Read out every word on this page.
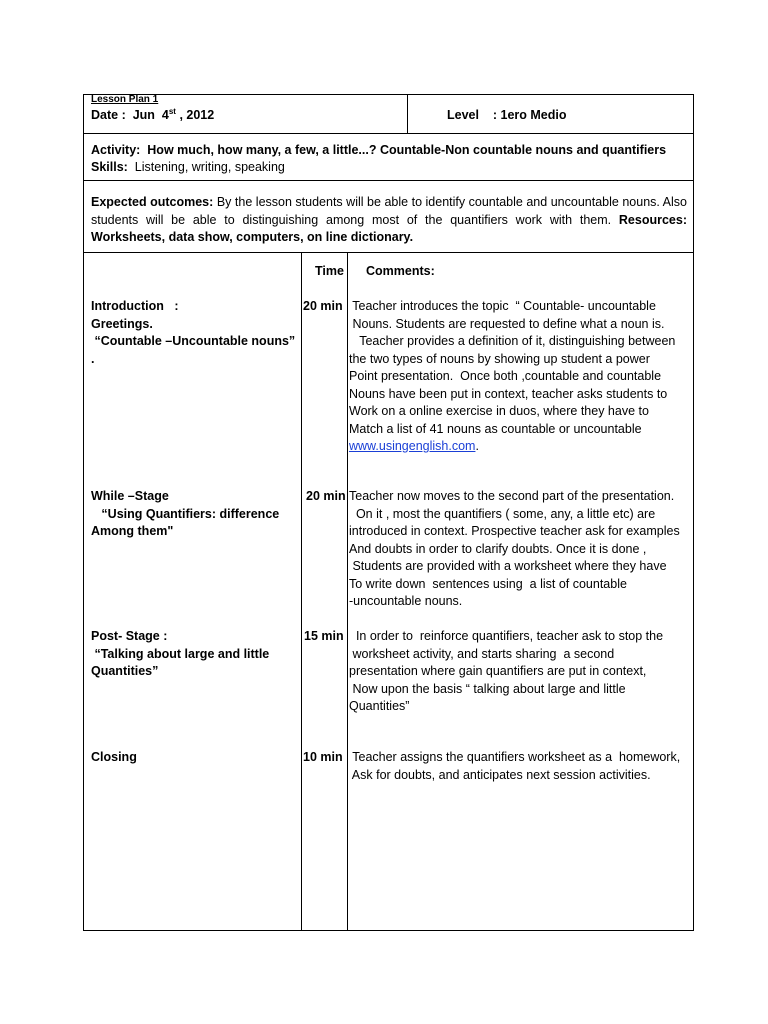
Lesson Plan 1
Date : Jun 4st , 2012	Level : 1ero Medio
Activity: How much, how many, a few, a little...? Countable-Non countable nouns and quantifiers
Skills: Listening, writing, speaking
Expected outcomes: By the lesson students will be able to identify countable and uncountable nouns. Also students will be able to distinguishing among most of the quantifiers work with them. Resources: Worksheets, data show, computers, on line dictionary.
Time Comments:
Introduction   :
Greetings.
“Countable –Uncountable nouns”
.
20 min Teacher introduces the topic  “ Countable- uncountable
Nouns. Students are requested to define what a noun is.
Teacher provides a definition of it, distinguishing between
the two types of nouns by showing up student a power
Point presentation.  Once both ,countable and countable
Nouns have been put in context, teacher asks students to
Work on a online exercise in duos, where they have to
Match a list of 41 nouns as countable or uncountable
www.usingenglish.com.
While –Stage
“Using Quantifiers: difference
Among them"
20 min Teacher now moves to the second part of the presentation.
On it , most the quantifiers ( some, any, a little etc) are
introduced in context. Prospective teacher ask for examples
And doubts in order to clarify doubts. Once it is done ,
Students are provided with a worksheet where they have
To write down  sentences using  a list of countable
-uncountable nouns.
Post- Stage :
“Talking about large and little
Quantities”
15 min In order to  reinforce quantifiers, teacher ask to stop the
worksheet activity, and starts sharing  a second
presentation where gain quantifiers are put in context,
Now upon the basis “ talking about large and little
Quantities”
Closing	10 min Teacher assigns the quantifiers worksheet as a  homework,
Ask for doubts, and anticipates next session activities.
